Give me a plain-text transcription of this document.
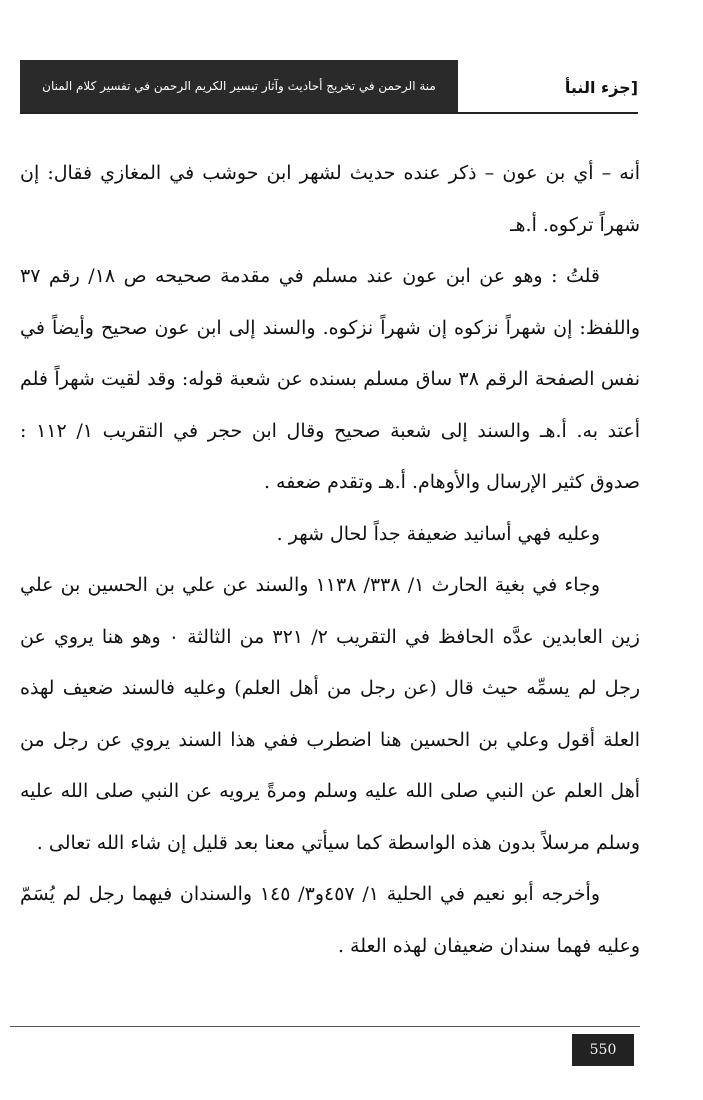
منة الرحمن في تخريج أحاديث وآثار تيسير الكريم الرحمن في تفسير كلام المنان	[جزء النبأ

أنه – أي بن عون – ذكر عنده حديث لشهر ابن حوشب في المغازي فقال: إن شهراً تركوه. أ.هـ

قلتُ : وهو عن ابن عون عند مسلم في مقدمة صحيحه ص ١٨/ رقم ٣٧ واللفظ: إن شهراً نزكوه إن شهراً نزكوه. والسند إلى ابن عون صحيح وأيضاً في نفس الصفحة الرقم ٣٨ ساق مسلم بسنده عن شعبة قوله: وقد لقيت شهراً فلم أعتد به. أ.هـ والسند إلى شعبة صحيح وقال ابن حجر في التقريب ١/ ١١٢ : صدوق كثير الإرسال والأوهام. أ.هـ وتقدم ضعفه .

وعليه فهي أسانيد ضعيفة جداً لحال شهر .

وجاء في بغية الحارث ١/ ٣٣٨/ ١١٣٨ والسند عن علي بن الحسين بن علي زين العابدين عدَّه الحافظ في التقريب ٢/ ٣٢١ من الثالثة ٠ وهو هنا يروي عن رجل لم يسمِّه حيث قال (عن رجل من أهل العلم) وعليه فالسند ضعيف لهذه العلة أقول وعلي بن الحسين هنا اضطرب ففي هذا السند يروي عن رجل من أهل العلم عن النبي صلى الله عليه وسلم ومرةً يرويه عن النبي صلى الله عليه وسلم مرسلاً بدون هذه الواسطة كما سيأتي معنا بعد قليل إن شاء الله تعالى .

وأخرجه أبو نعيم في الحلية ١/ ٤٥٧و٣/ ١٤٥ والسندان فيهما رجل لم يُسَمّ وعليه فهما سندان ضعيفان لهذه العلة .

550
